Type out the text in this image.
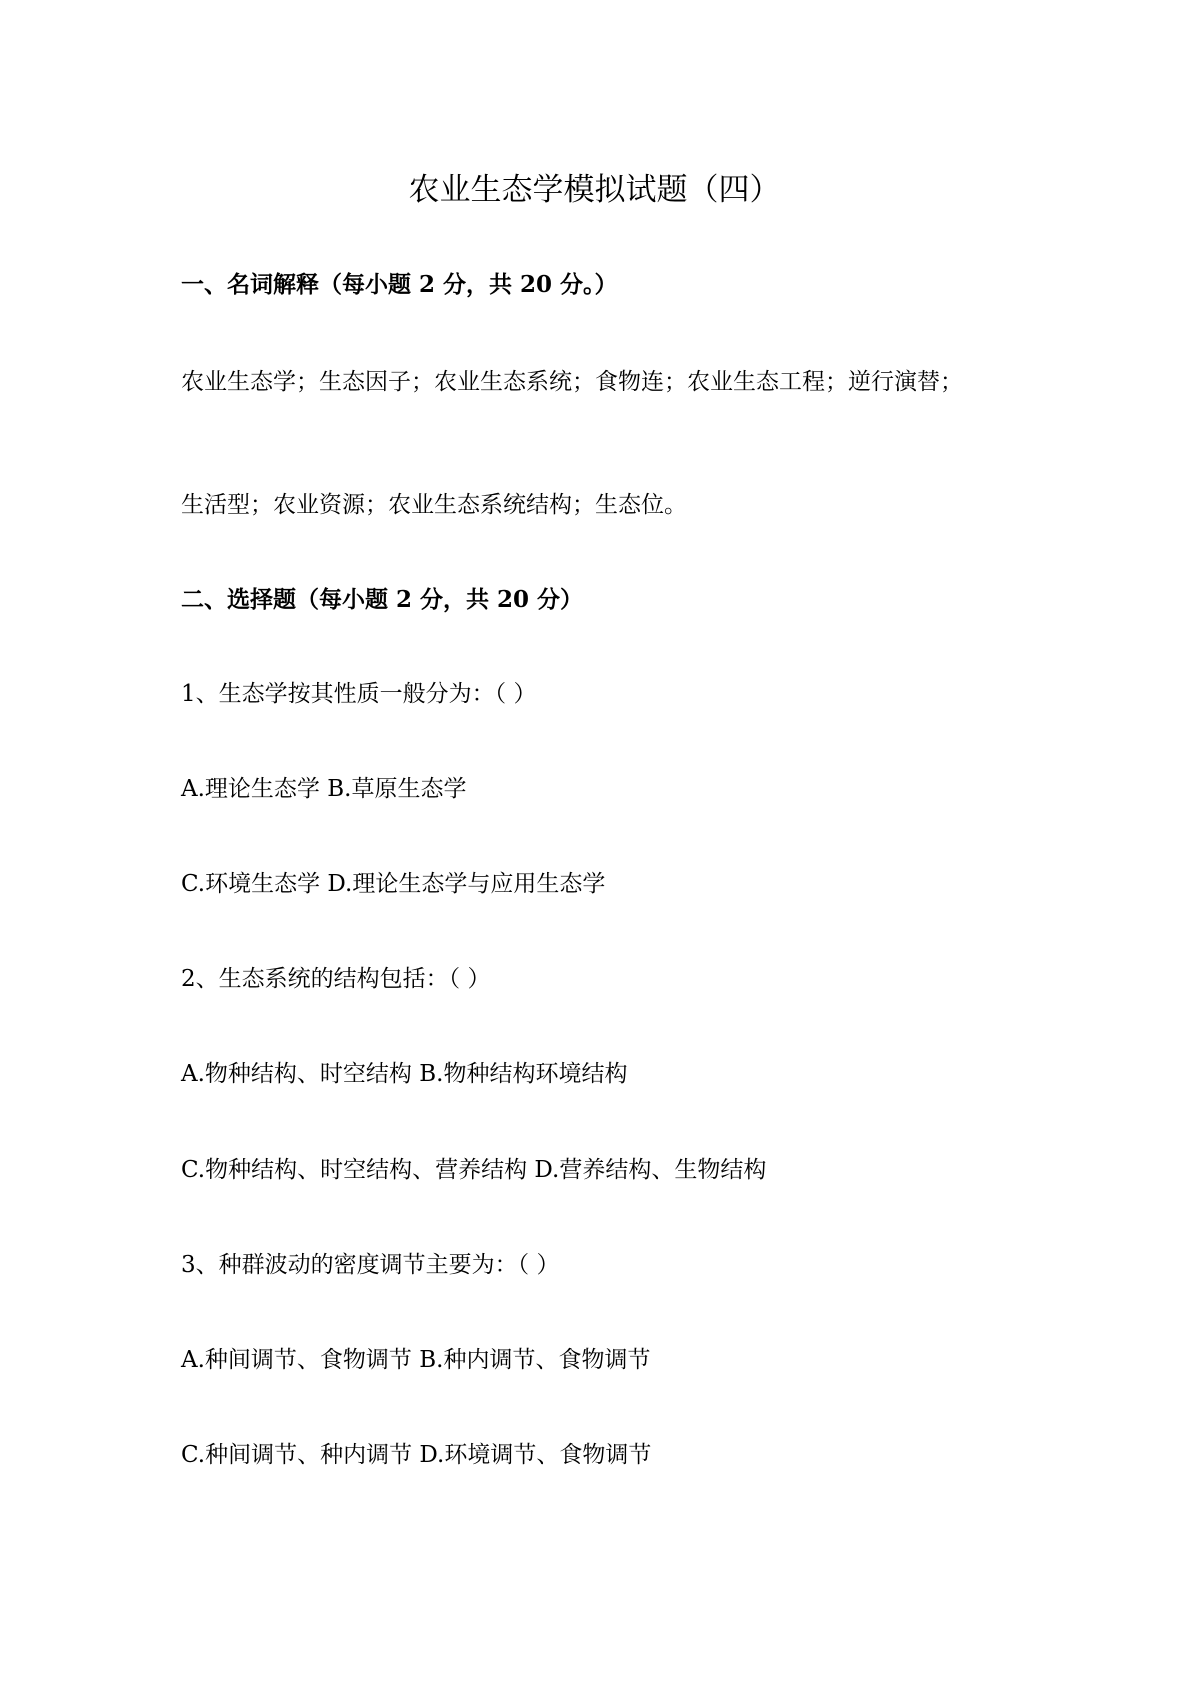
农业生态学模拟试题（四）
一、名词解释（每小题 2 分，共 20 分。）
农业生态学；生态因子；农业生态系统；食物连；农业生态工程；逆行演替；
生活型；农业资源；农业生态系统结构；生态位。
二、选择题（每小题 2 分，共 20 分）
1、生态学按其性质一般分为：（ ）
A.理论生态学 B.草原生态学
C.环境生态学 D.理论生态学与应用生态学
2、生态系统的结构包括：（ ）
A.物种结构、时空结构 B.物种结构环境结构
C.物种结构、时空结构、营养结构 D.营养结构、生物结构
3、种群波动的密度调节主要为：（ ）
A.种间调节、食物调节 B.种内调节、食物调节
C.种间调节、种内调节 D.环境调节、食物调节
